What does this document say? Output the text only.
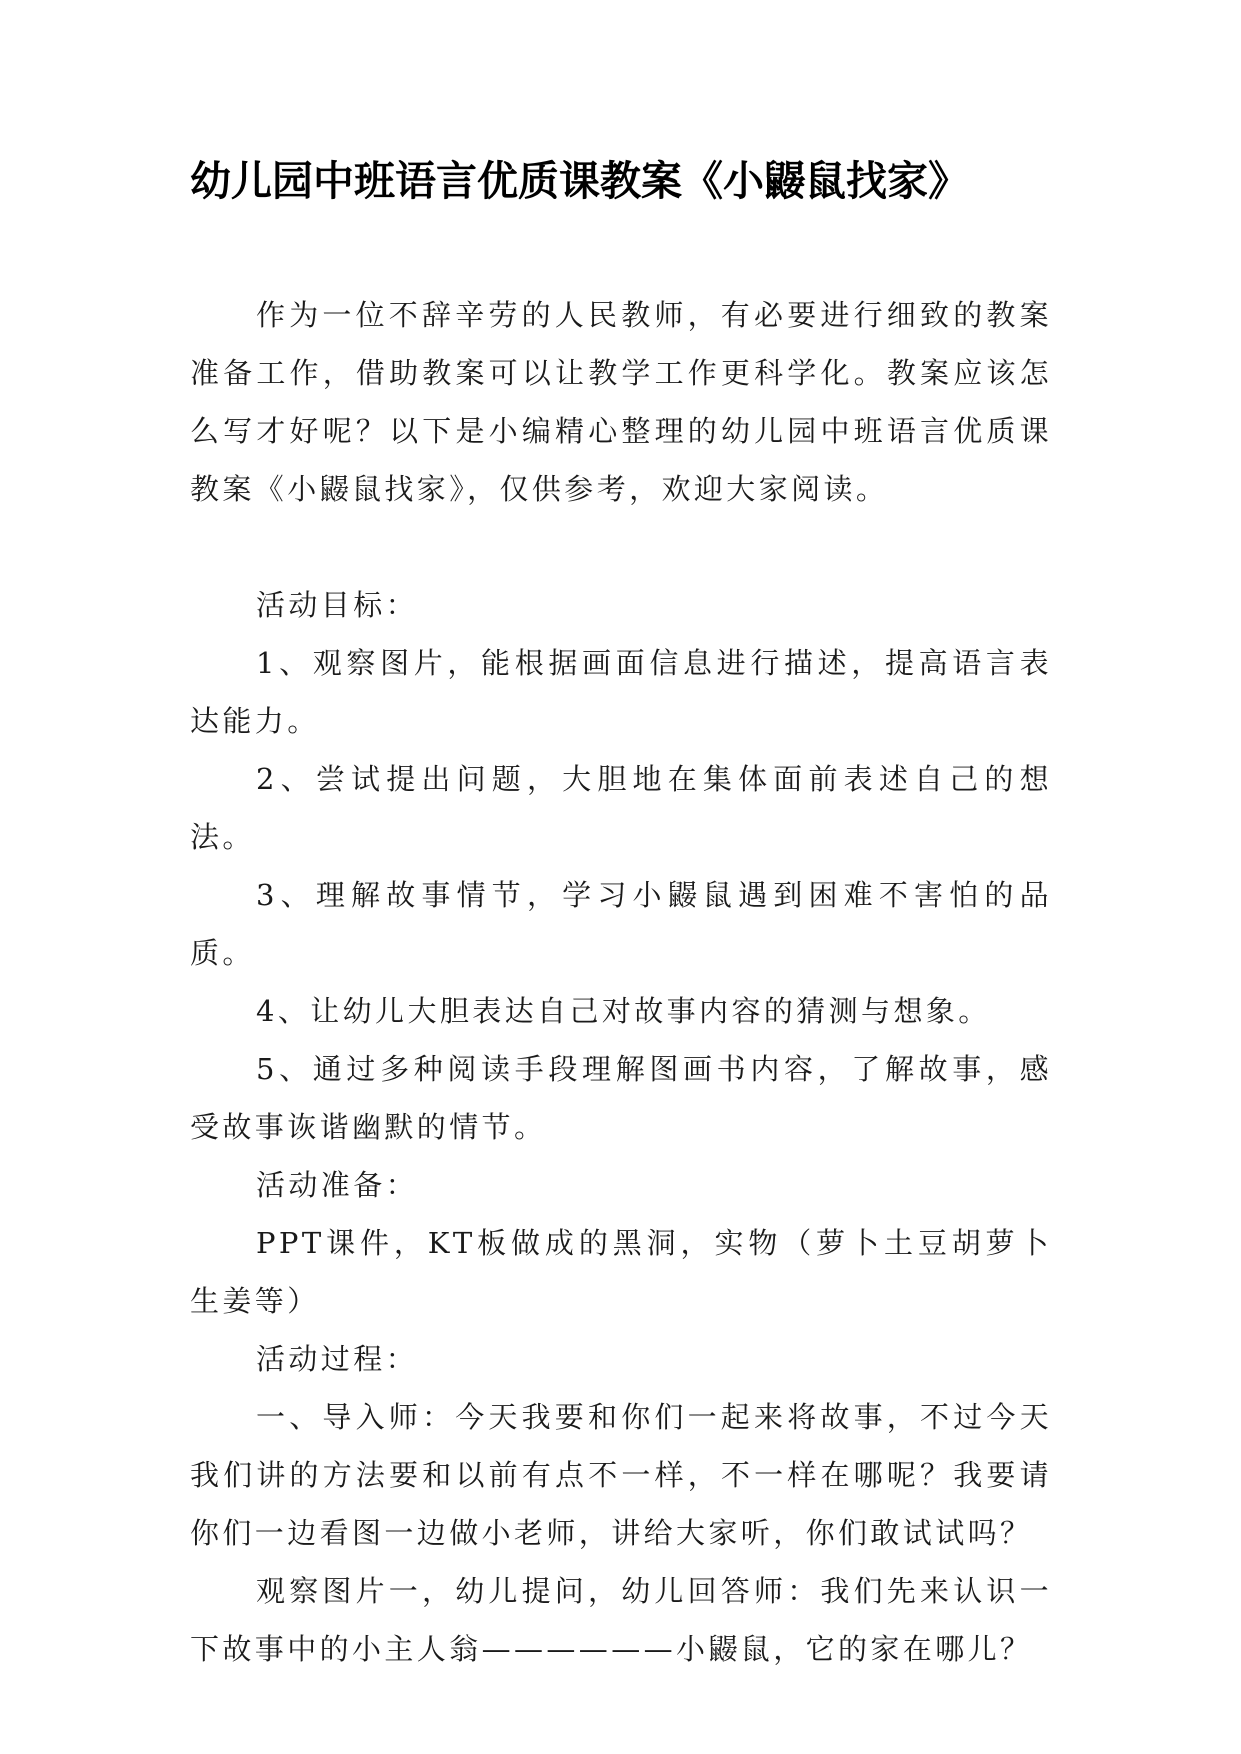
幼儿园中班语言优质课教案《小鼹鼠找家》

作为一位不辞辛劳的人民教师，有必要进行细致的教案准备工作，借助教案可以让教学工作更科学化。教案应该怎么写才好呢？以下是小编精心整理的幼儿园中班语言优质课教案《小鼹鼠找家》，仅供参考，欢迎大家阅读。

活动目标：

1、观察图片，能根据画面信息进行描述，提高语言表达能力。

2、尝试提出问题，大胆地在集体面前表述自己的想法。

3、理解故事情节，学习小鼹鼠遇到困难不害怕的品质。

4、让幼儿大胆表达自己对故事内容的猜测与想象。

5、通过多种阅读手段理解图画书内容，了解故事，感受故事诙谐幽默的情节。

活动准备：

PPT课件，KT板做成的黑洞，实物（萝卜土豆胡萝卜生姜等）

活动过程：

一、导入师：今天我要和你们一起来将故事，不过今天我们讲的方法要和以前有点不一样，不一样在哪呢？我要请你们一边看图一边做小老师，讲给大家听，你们敢试试吗？

观察图片一，幼儿提问，幼儿回答师：我们先来认识一下故事中的小主人翁——————小鼹鼠，它的家在哪儿？
